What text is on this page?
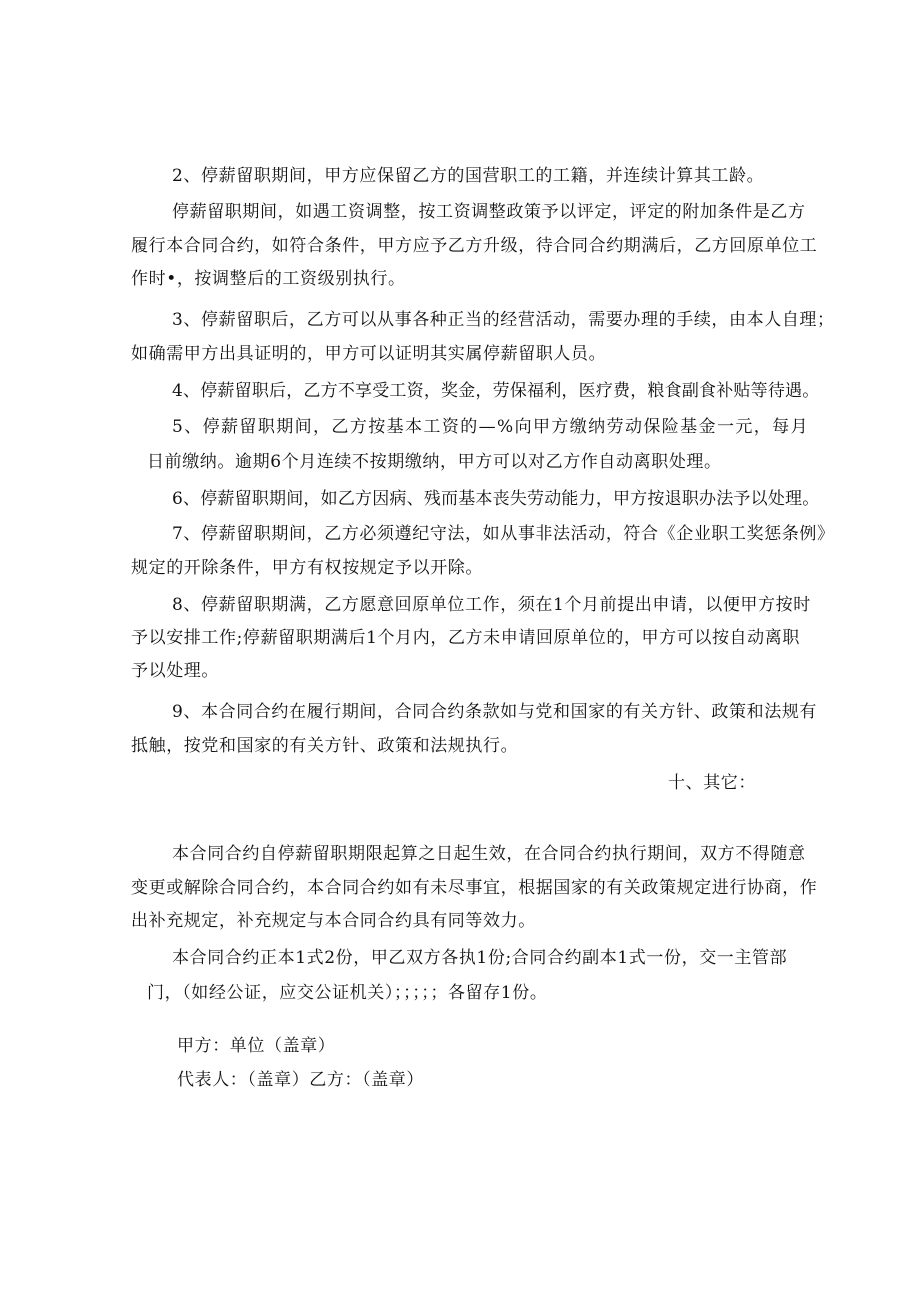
2、停薪留职期间，甲方应保留乙方的国营职工的工籍，并连续计算其工龄。
停薪留职期间，如遇工资调整，按工资调整政策予以评定，评定的附加条件是乙方
履行本合同合约，如符合条件，甲方应予乙方升级，待合同合约期满后，乙方回原单位工
作时•，按调整后的工资级别执行。
3、停薪留职后，乙方可以从事各种正当的经营活动，需要办理的手续，由本人自理；
如确需甲方出具证明的，甲方可以证明其实属停薪留职人员。
4、停薪留职后，乙方不享受工资，奖金，劳保福利，医疗费，粮食副食补贴等待遇。
5、停薪留职期间，乙方按基本工资的—%向甲方缴纳劳动保险基金一元，每月
日前缴纳。逾期6个月连续不按期缴纳，甲方可以对乙方作自动离职处理。
6、停薪留职期间，如乙方因病、残而基本丧失劳动能力，甲方按退职办法予以处理。
7、停薪留职期间，乙方必须遵纪守法，如从事非法活动，符合《企业职工奖惩条例》
规定的开除条件，甲方有权按规定予以开除。
8、停薪留职期满，乙方愿意回原单位工作，须在1个月前提出申请，以便甲方按时
予以安排工作;停薪留职期满后1个月内，乙方未申请回原单位的，甲方可以按自动离职
予以处理。
9、本合同合约在履行期间，合同合约条款如与党和国家的有关方针、政策和法规有
抵触，按党和国家的有关方针、政策和法规执行。
十、其它：
本合同合约自停薪留职期限起算之日起生效，在合同合约执行期间，双方不得随意
变更或解除合同合约，本合同合约如有未尽事宜，根据国家的有关政策规定进行协商，作
出补充规定，补充规定与本合同合约具有同等效力。
本合同合约正本1式2份，甲乙双方各执1份;合同合约副本1式一份，交一主管部
门，（如经公证，应交公证机关）；；；；；各留存1份。
甲方：单位（盖章）
代表人：（盖章）乙方：（盖章）
